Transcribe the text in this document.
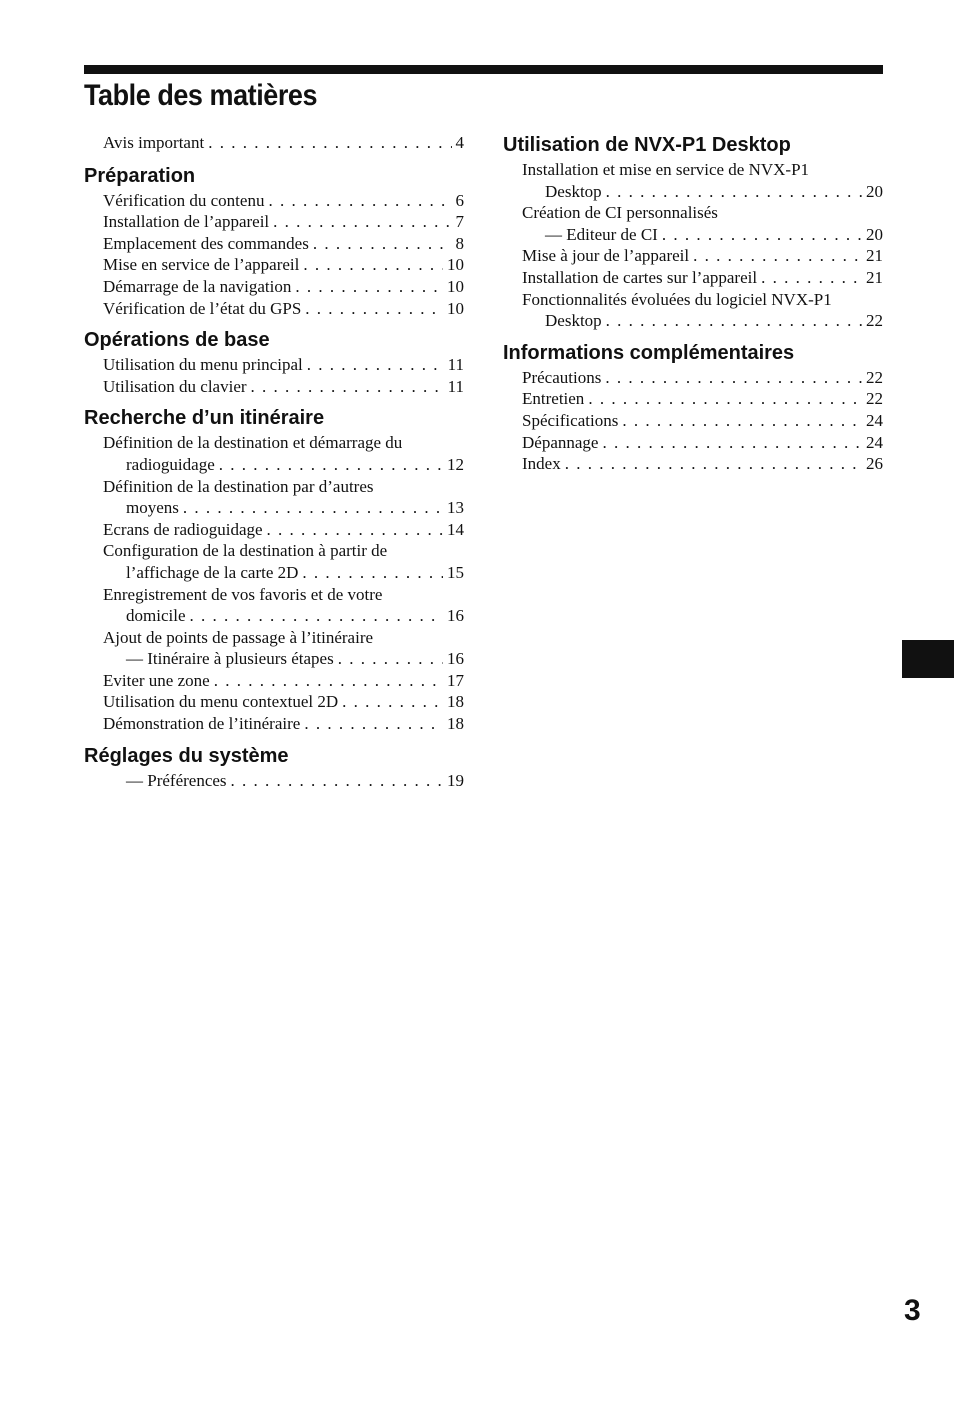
Table des matières
Avis important . . .	4
Préparation
Vérification du contenu . . .	6
Installation de l’appareil . . .	7
Emplacement des commandes . . .	8
Mise en service de l’appareil . . .	10
Démarrage de la navigation . . .	10
Vérification de l’état du GPS . . .	10
Opérations de base
Utilisation du menu principal . . .	11
Utilisation du clavier . . .	11
Recherche d’un itinéraire
Définition de la destination et démarrage du
radioguidage . . .	12
Définition de la destination par d’autres
moyens . . .	13
Ecrans de radioguidage . . .	14
Configuration de la destination à partir de
l’affichage de la carte 2D . . .	15
Enregistrement de vos favoris et de votre
domicile . . .	16
Ajout de points de passage à l’itinéraire
— Itinéraire à plusieurs étapes . . .	16
Eviter une zone . . .	17
Utilisation du menu contextuel 2D . . .	18
Démonstration de l’itinéraire . . .	18
Réglages du système
— Préférences . . .	19
Utilisation de NVX-P1 Desktop
Installation et mise en service de NVX-P1
Desktop . . .	20
Création de CI personnalisés
— Editeur de CI . . .	20
Mise à jour de l’appareil . . .	21
Installation de cartes sur l’appareil . . .	21
Fonctionnalités évoluées du logiciel NVX-P1
Desktop . . .	22
Informations complémentaires
Précautions . . .	22
Entretien . . .	22
Spécifications . . .	24
Dépannage . . .	24
Index . . .	26
3
